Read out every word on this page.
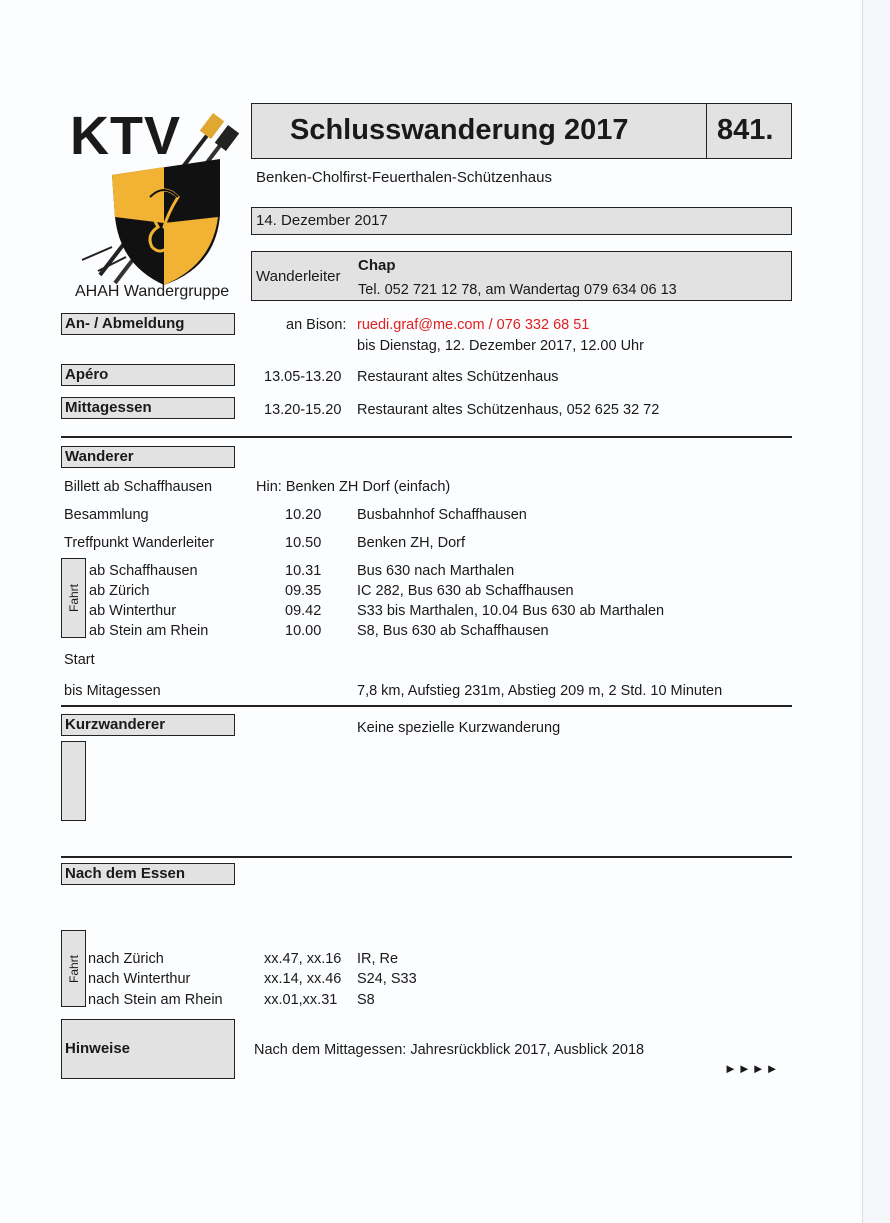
KTV
AHAH Wandergruppe
Schlusswanderung 2017	841.
Benken-Cholfirst-Feuerthalen-Schützenhaus
14. Dezember 2017
Wanderleiter
Chap
Tel. 052 721 12 78, am Wandertag 079 634 06 13
An- / Abmeldung	an Bison: ruedi.graf@me.com / 076 332 68 51
bis Dienstag, 12. Dezember 2017, 12.00 Uhr
Apéro	13.05-13.20 Restaurant altes Schützenhaus
Mittagessen	13.20-15.20 Restaurant altes Schützenhaus, 052 625 32 72
Wanderer
Billett ab Schaffhausen	Hin: Benken ZH Dorf (einfach)
Besammlung	10.20 Busbahnhof Schaffhausen
Treffpunkt Wanderleiter	10.50 Benken ZH, Dorf
Fahrt
ab Schaffhausen	10.31 Bus 630 nach Marthalen
ab Zürich	09.35 IC 282, Bus 630 ab Schaffhausen
ab Winterthur	09.42 S33 bis Marthalen, 10.04 Bus 630 ab Marthalen
ab Stein am Rhein	10.00 S8, Bus 630 ab Schaffhausen
Start
bis Mitagessen	7,8 km, Aufstieg 231m, Abstieg 209 m, 2 Std. 10 Minuten
Kurzwanderer	Keine spezielle Kurzwanderung
Nach dem Essen
Fahrt nach Zürich	xx.47, xx.16 IR, Re
nach Winterthur	xx.14, xx.46 S24, S33
nach Stein am Rhein	xx.01,xx.31 S8
Hinweise	Nach dem Mittagessen: Jahresrückblick 2017, Ausblick 2018
►►►►
